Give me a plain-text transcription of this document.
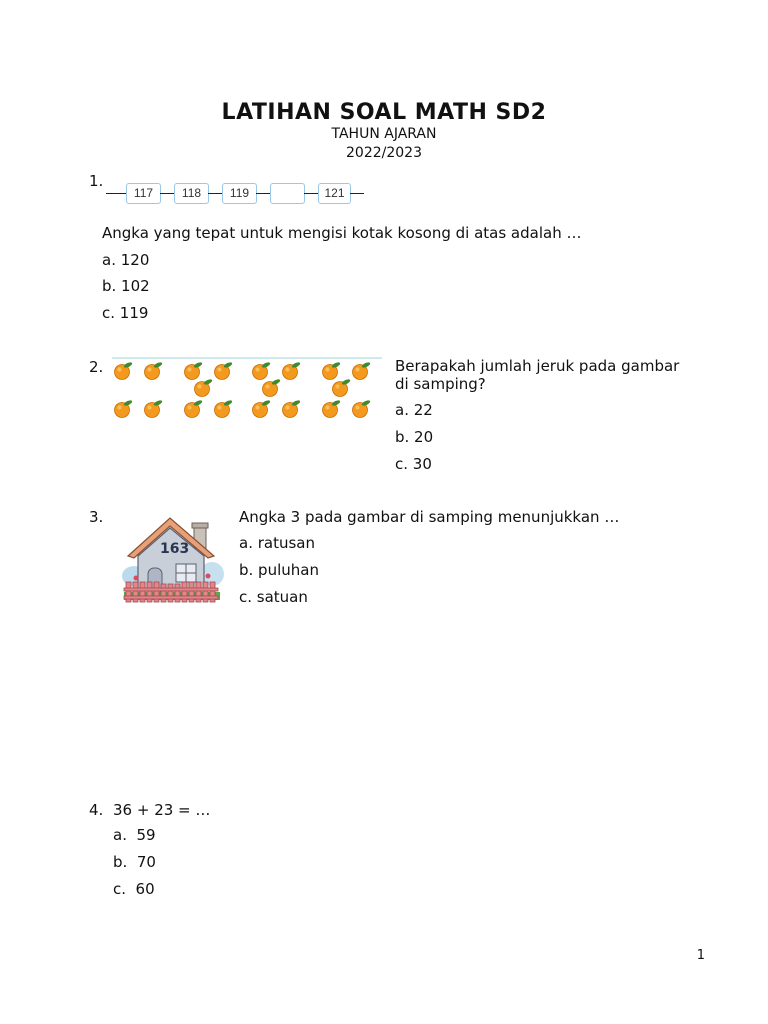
LATIHAN SOAL MATH SD2
TAHUN AJARAN
2022/2023
1.
117	118	119	121
Angka yang tepat untuk mengisi kotak kosong di atas adalah …
a. 120
b. 102
c. 119
2.	Berapakah jumlah jeruk pada gambar
di samping?
a. 22
b. 20
c. 30
3.
163
Angka 3 pada gambar di samping menunjukkan …
a. ratusan
b. puluhan
c. satuan
4. 36 + 23 = …
a.  59
b.  70
c.  60
1
